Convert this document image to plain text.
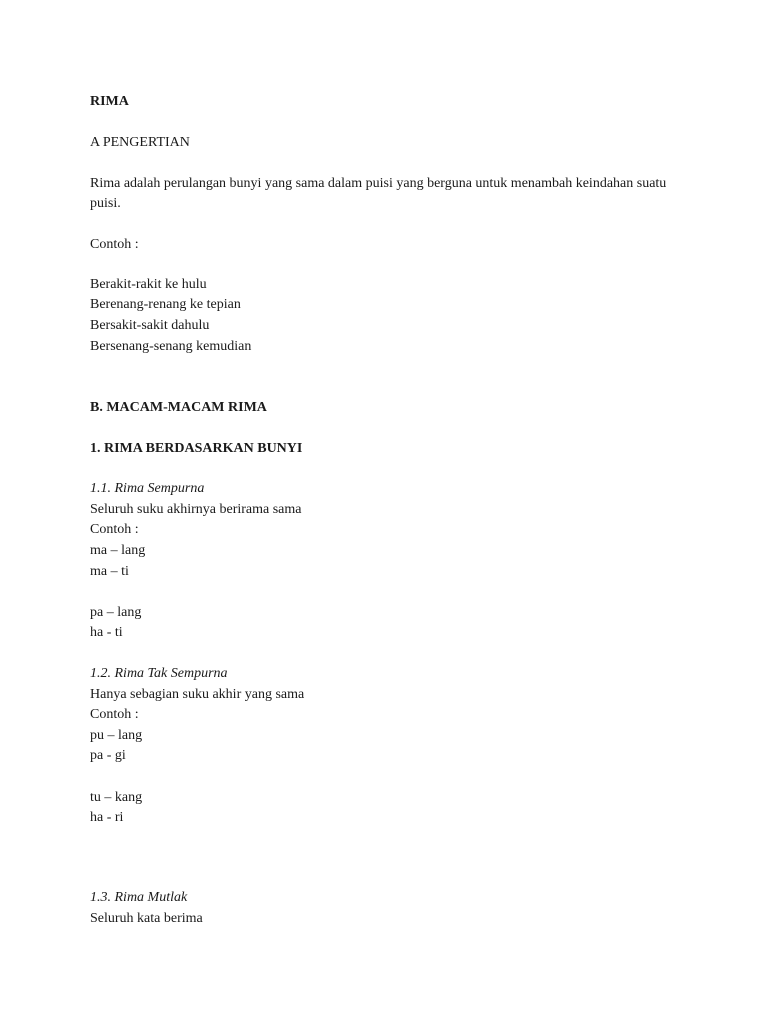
RIMA
A PENGERTIAN
Rima adalah perulangan bunyi yang sama dalam puisi yang berguna untuk menambah keindahan suatu puisi.
Contoh :
Berakit-rakit ke hulu
Berenang-renang ke tepian
Bersakit-sakit dahulu
Bersenang-senang kemudian
B. MACAM-MACAM RIMA
1. RIMA BERDASARKAN BUNYI
1.1. Rima Sempurna
Seluruh suku akhirnya berirama sama
Contoh :
ma – lang
ma – ti
pa – lang
ha - ti
1.2. Rima Tak Sempurna
Hanya sebagian suku akhir yang sama
Contoh :
pu – lang
pa - gi
tu – kang
ha - ri
1.3. Rima Mutlak
Seluruh kata berima
